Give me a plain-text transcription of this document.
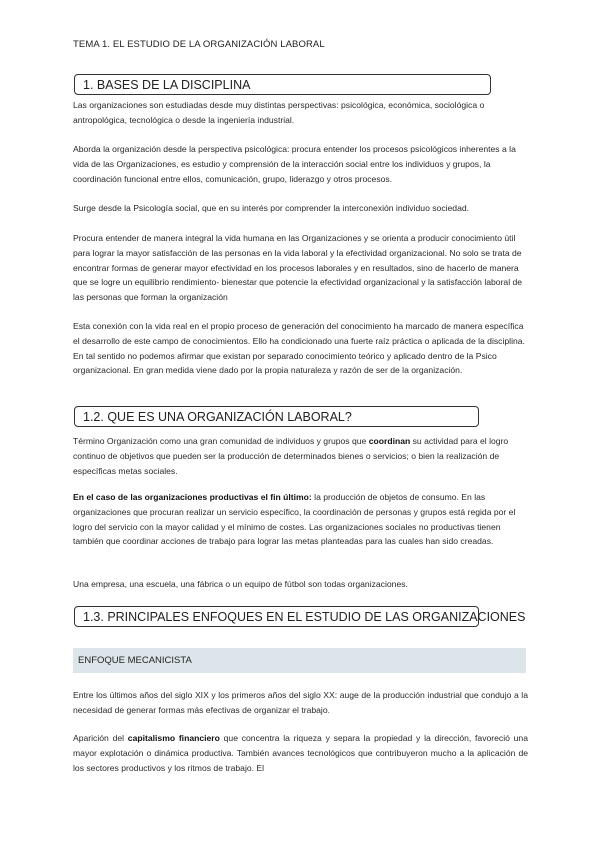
TEMA 1. EL ESTUDIO DE LA ORGANIZACIÓN LABORAL
1. BASES DE LA DISCIPLINA

Las organizaciones son estudiadas desde muy distintas perspectivas: psicológica, económica, sociológica o antropológica, tecnológica o desde la ingeniería industrial.

Aborda la organización desde la perspectiva psicológica: procura entender los procesos psicológicos inherentes a la vida de las Organizaciones, es estudio y comprensión de la interacción social entre los individuos y grupos, la coordinación funcional entre ellos, comunicación, grupo, liderazgo y otros procesos.

Surge desde la Psicología social, que en su interés por comprender la interconexión individuo sociedad.

Procura entender de manera integral la vida humana en las Organizaciones y se orienta a producir conocimiento útil para lograr la mayor satisfacción de las personas en la vida laboral y la efectividad organizacional. No solo se trata de encontrar formas de generar mayor efectividad en los procesos laborales y en resultados, sino de hacerlo de manera que se logre un equilibrio rendimiento- bienestar que potencie la efectividad organizacional y la satisfacción laboral de las personas que forman la organización

Esta conexión con la vida real en el propio proceso de generación del conocimiento ha marcado de manera específica el desarrollo de este campo de conocimientos. Ello ha condicionado una fuerte raíz práctica o aplicada de la disciplina. En tal sentido no podemos afirmar que existan por separado conocimiento teórico y aplicado dentro de la Psico organizacional. En gran medida viene dado por la propia naturaleza y razón de ser de la organización.

1.2. QUE ES UNA ORGANIZACIÓN LABORAL?

Término Organización como una gran comunidad de individuos y grupos que coordinan su actividad para el logro continuo de objetivos que pueden ser la producción de determinados bienes o servicios; o bien la realización de específicas metas sociales.

En el caso de las organizaciones productivas el fin último: la producción de objetos de consumo. En las organizaciones que procuran realizar un servicio específico, la coordinación de personas y grupos está regida por el logro del servicio con la mayor calidad y el mínimo de costes. Las organizaciones sociales no productivas tienen también que coordinar acciones de trabajo para lograr las metas planteadas para las cuales han sido creadas.

Una empresa, una escuela, una fábrica o un equipo de fútbol son todas organizaciones.

1.3. PRINCIPALES ENFOQUES EN EL ESTUDIO DE LAS ORGANIZACIONES
ENFOQUE MECANICISTA

Entre los últimos años del siglo XIX y los primeros años del siglo XX: auge de la producción industrial que condujo a la necesidad de generar formas más efectivas de organizar el trabajo.

Aparición del capitalismo financiero que concentra la riqueza y separa la propiedad y la dirección, favoreció una mayor explotación o dinámica productiva. También avances tecnológicos que contribuyeron mucho a la aplicación de los sectores productivos y los ritmos de trabajo. El
